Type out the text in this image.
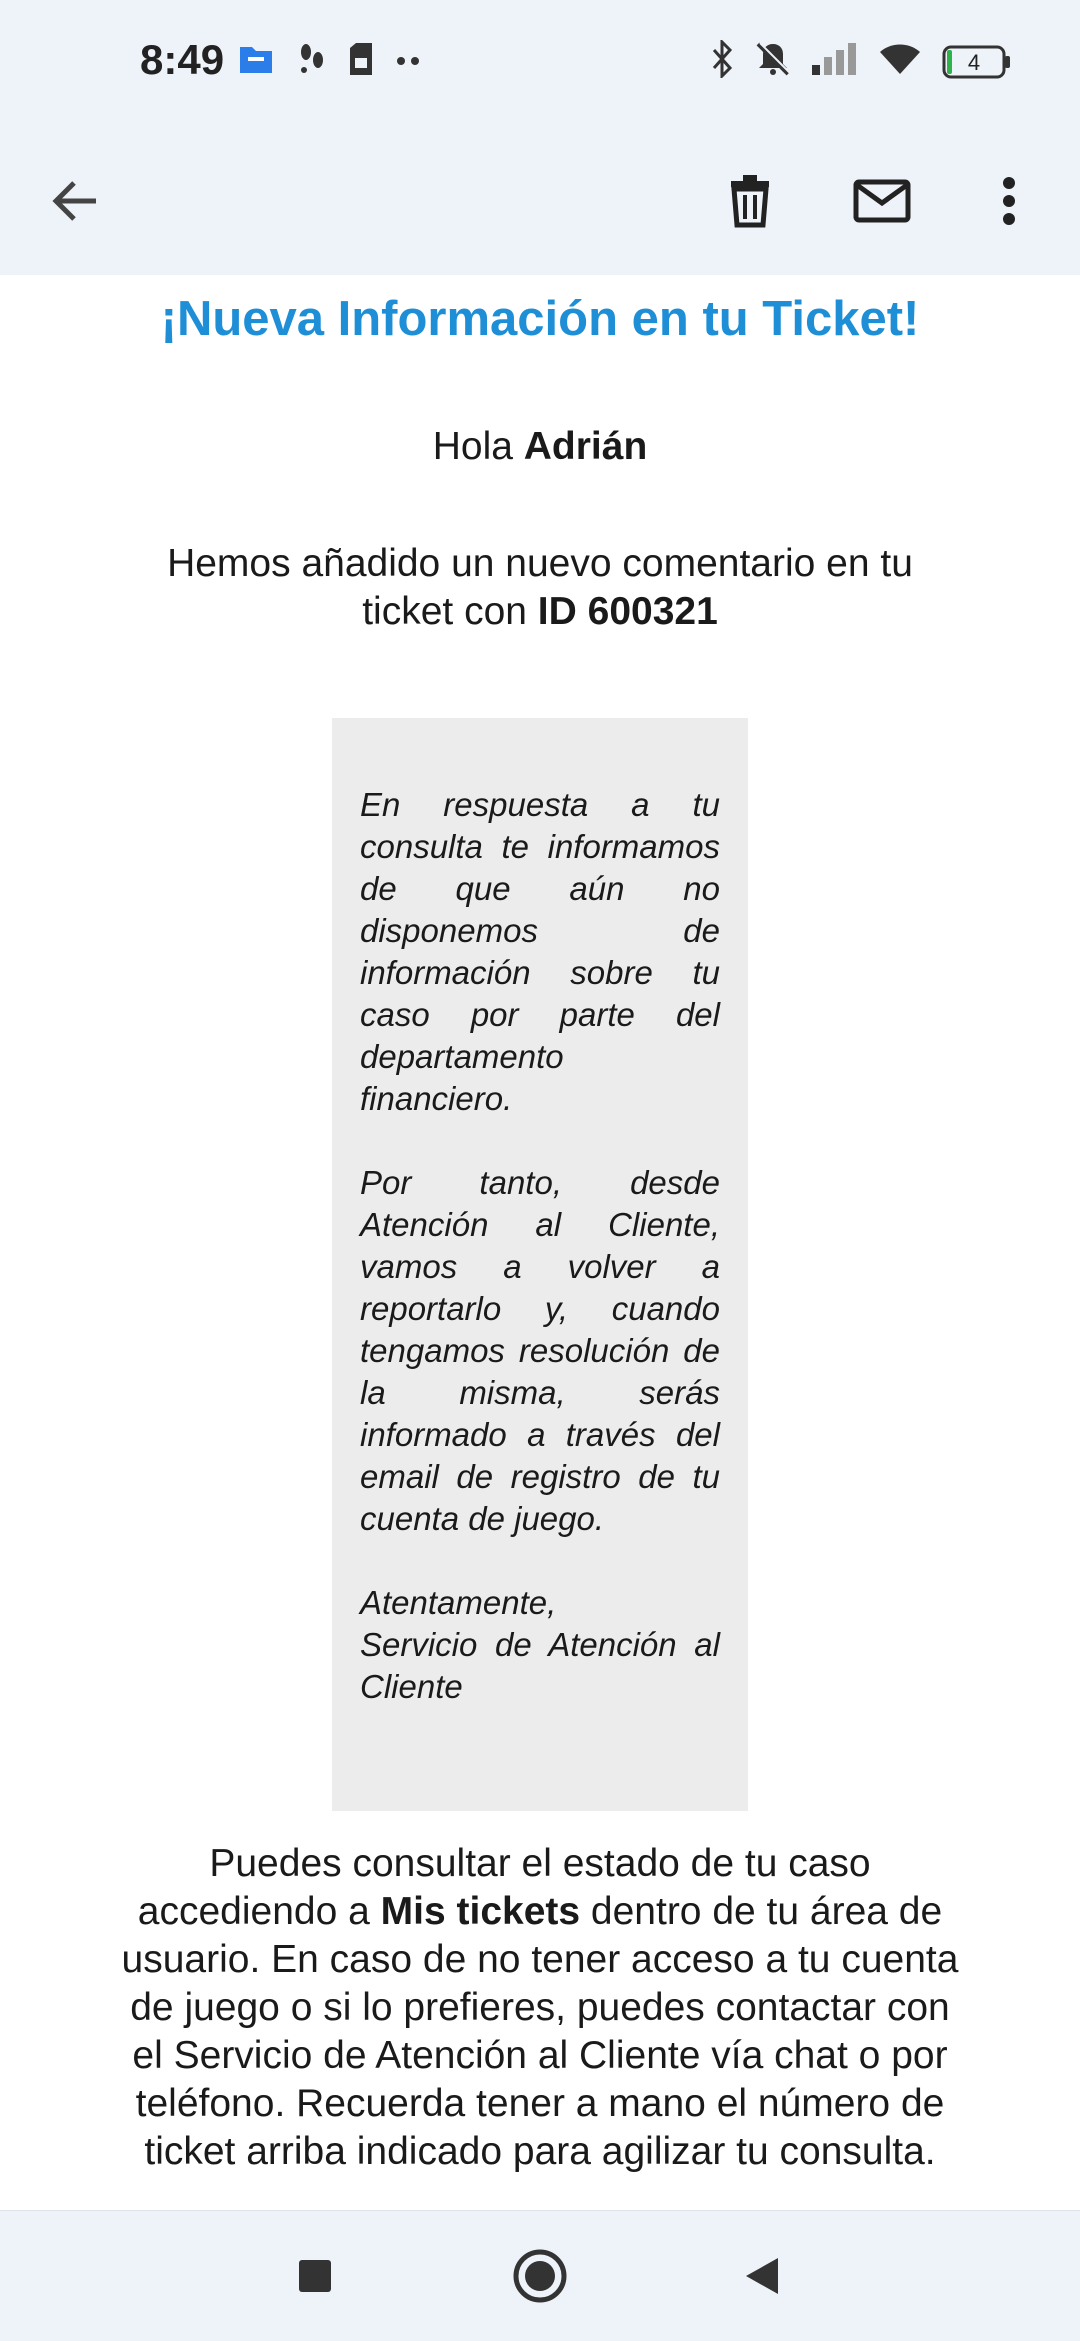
8:49	4
¡Nueva Información en tu Ticket!
Hola Adrián
Hemos añadido un nuevo comentario en tu ticket con ID 600321

En respuesta a tu consulta te informamos de que aún no disponemos de información sobre tu caso por parte del departamento financiero.

Por tanto, desde Atención al Cliente, vamos a volver a reportarlo y, cuando tengamos resolución de la misma, serás informado a través del email de registro de tu cuenta de juego.

Atentamente,
Servicio de Atención al Cliente
Puedes consultar el estado de tu caso accediendo a Mis tickets dentro de tu área de usuario. En caso de no tener acceso a tu cuenta de juego o si lo prefieres, puedes contactar con el Servicio de Atención al Cliente vía chat o por teléfono. Recuerda tener a mano el número de ticket arriba indicado para agilizar tu consulta.
